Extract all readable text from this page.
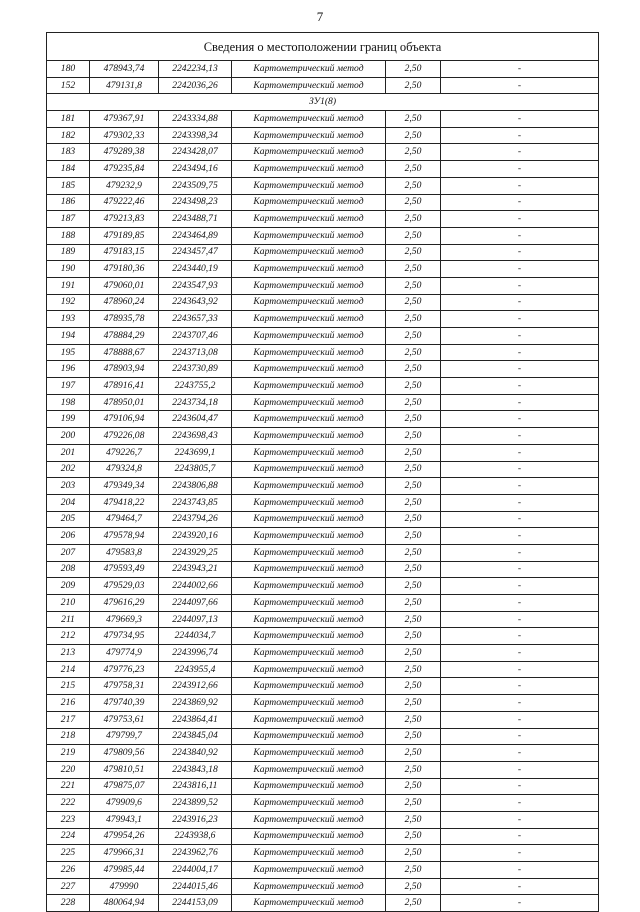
7
Сведения о местоположении границ объекта					
180	478943,74	2242234,13	Картометрический метод	2,50	-
152	479131,8	2242036,26	Картометрический метод	2,50	-
ЗУ1(8)					
181	479367,91	2243334,88	Картометрический метод	2,50	-
182	479302,33	2243398,34	Картометрический метод	2,50	-
183	479289,38	2243428,07	Картометрический метод	2,50	-
184	479235,84	2243494,16	Картометрический метод	2,50	-
185	479232,9	2243509,75	Картометрический метод	2,50	-
186	479222,46	2243498,23	Картометрический метод	2,50	-
187	479213,83	2243488,71	Картометрический метод	2,50	-
188	479189,85	2243464,89	Картометрический метод	2,50	-
189	479183,15	2243457,47	Картометрический метод	2,50	-
190	479180,36	2243440,19	Картометрический метод	2,50	-
191	479060,01	2243547,93	Картометрический метод	2,50	-
192	478960,24	2243643,92	Картометрический метод	2,50	-
193	478935,78	2243657,33	Картометрический метод	2,50	-
194	478884,29	2243707,46	Картометрический метод	2,50	-
195	478888,67	2243713,08	Картометрический метод	2,50	-
196	478903,94	2243730,89	Картометрический метод	2,50	-
197	478916,41	2243755,2	Картометрический метод	2,50	-
198	478950,01	2243734,18	Картометрический метод	2,50	-
199	479106,94	2243604,47	Картометрический метод	2,50	-
200	479226,08	2243698,43	Картометрический метод	2,50	-
201	479226,7	2243699,1	Картометрический метод	2,50	-
202	479324,8	2243805,7	Картометрический метод	2,50	-
203	479349,34	2243806,88	Картометрический метод	2,50	-
204	479418,22	2243743,85	Картометрический метод	2,50	-
205	479464,7	2243794,26	Картометрический метод	2,50	-
206	479578,94	2243920,16	Картометрический метод	2,50	-
207	479583,8	2243929,25	Картометрический метод	2,50	-
208	479593,49	2243943,21	Картометрический метод	2,50	-
209	479529,03	2244002,66	Картометрический метод	2,50	-
210	479616,29	2244097,66	Картометрический метод	2,50	-
211	479669,3	2244097,13	Картометрический метод	2,50	-
212	479734,95	2244034,7	Картометрический метод	2,50	-
213	479774,9	2243996,74	Картометрический метод	2,50	-
214	479776,23	2243955,4	Картометрический метод	2,50	-
215	479758,31	2243912,66	Картометрический метод	2,50	-
216	479740,39	2243869,92	Картометрический метод	2,50	-
217	479753,61	2243864,41	Картометрический метод	2,50	-
218	479799,7	2243845,04	Картометрический метод	2,50	-
219	479809,56	2243840,92	Картометрический метод	2,50	-
220	479810,51	2243843,18	Картометрический метод	2,50	-
221	479875,07	2243816,11	Картометрический метод	2,50	-
222	479909,6	2243899,52	Картометрический метод	2,50	-
223	479943,1	2243916,23	Картометрический метод	2,50	-
224	479954,26	2243938,6	Картометрический метод	2,50	-
225	479966,31	2243962,76	Картометрический метод	2,50	-
226	479985,44	2244004,17	Картометрический метод	2,50	-
227	479990	2244015,46	Картометрический метод	2,50	-
228	480064,94	2244153,09	Картометрический метод	2,50	-
